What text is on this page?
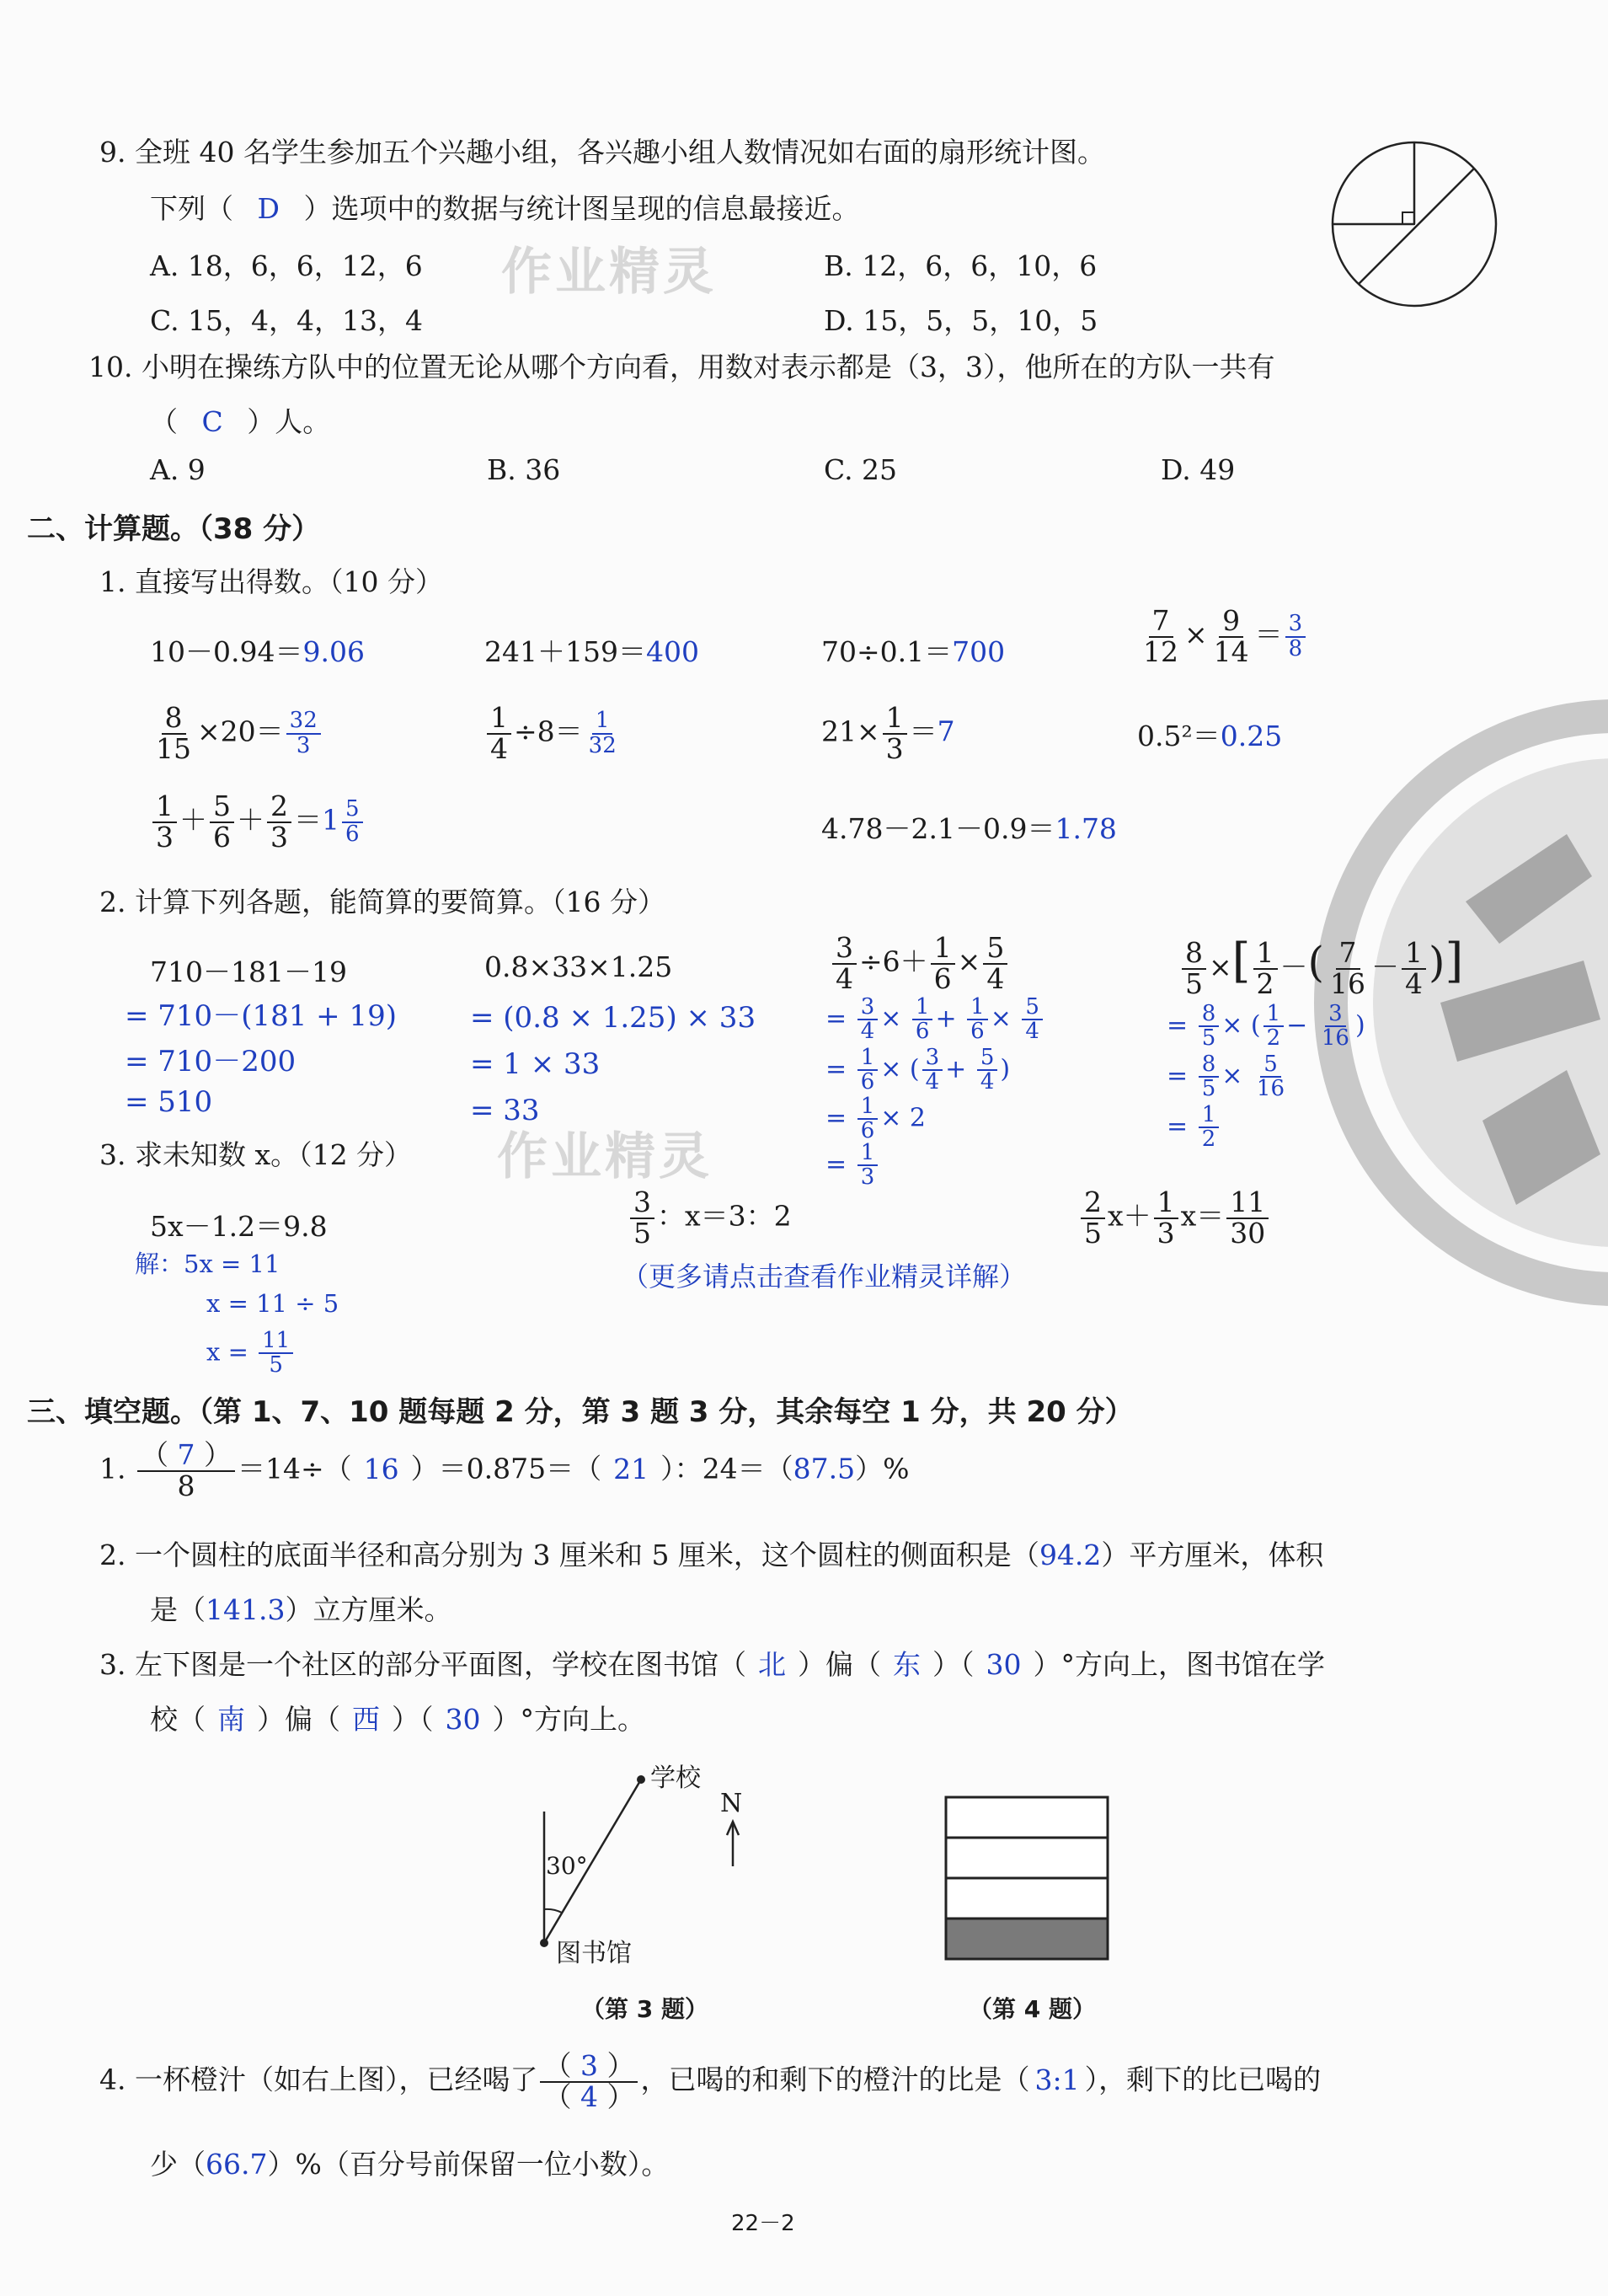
9. 全班 40 名学生参加五个兴趣小组，各兴趣小组人数情况如右面的扇形统计图。
下列（ D ）选项中的数据与统计图呈现的信息最接近。
A. 18，6，6，12，6	B. 12，6，6，10，6
C. 15，4，4，13，4	D. 15，5，5，10，5
作业精灵
10. 小明在操练方队中的位置无论从哪个方向看，用数对表示都是（3，3），他所在的方队一共有
（ C ）人。
A. 9	B. 36	C. 25	D. 49
二、计算题。（38 分）
1. 直接写出得数。（10 分）
10－0.94＝9.06	241＋159＝400	70÷0.1＝700	$\frac{7}{12} \times \frac{9}{14} = \frac{3}{8}$
$\frac{8}{15} \times 20= \frac{32}{3}$	$\frac{1}{4} \div 8= \frac{1}{32}$	$21\times \frac{1}{3} =7$	0.5²＝0.25
$\frac{1}{3} + \frac{5}{6} + \frac{2}{3} =1 \frac{5}{6}$	4.78－2.1－0.9＝1.78
2. 计算下列各题，能简算的要简算。（16 分）
710－181－19
= 710－(181 + 19)
= 710－200
= 510
0.8×33×1.25
= (0.8 × 1.25) × 33
= 1 × 33
= 33
$\frac{3}{4} \div 6+ \frac{1}{6} \times \frac{5}{4}$
= $\frac{3}{4} \times \frac{1}{6} + \frac{1}{6} \times \frac{5}{4}$
= $\frac{1}{6}$ × ( $\frac{3}{4} + \frac{5}{4}$ )
= $\frac{1}{6} \times 2$
= $\frac{1}{3}$
$\frac{8}{5}$ ×[ $\frac{1}{2}$ －( $\frac{7}{16} - \frac{1}{4}$ )]
= $\frac{8}{5}$ × ( $\frac{1}{2} - \frac{3}{16}$ )
= $\frac{8}{5} \times \frac{5}{16}$
= $\frac{1}{2}$
3. 求未知数 x。（12 分） 作业精灵
5x－1.2＝9.8
解：5x = 11
x = 11 ÷ 5
$x = \frac{11}{5}$
$\frac{3}{5}$ ：x＝3：2
（更多请点击查看作业精灵详解）
$\frac{2}{5} x+ \frac{1}{3} x= \frac{11}{30}$
三、填空题。（第 1、7、10 题每题 2 分，第 3 题 3 分，其余每空 1 分，共 20 分）
1. $\frac{( 7 )}{8} =14\div$（ 16 ）＝0.875＝（ 21 ）：24＝（87.5）%
2. 一个圆柱的底面半径和高分别为 3 厘米和 5 厘米，这个圆柱的侧面积是（94.2）平方厘米，体积
是（141.3）立方厘米。
3. 左下图是一个社区的部分平面图，学校在图书馆（ 北 ）偏（ 东 ）（ 30 ）°方向上，图书馆在学
校（ 南 ）偏（ 西 ）（ 30 ）°方向上。
学校
图书馆
30°
N
（第 3 题）	（第 4 题）
4. 一杯橙汁（如右上图），已经喝了 $\frac{( 3 )}{( 4 )}$ ，已喝的和剩下的橙汁的比是（ 3:1 ），剩下的比已喝的
少（66.7）%（百分号前保留一位小数）。
22－2
